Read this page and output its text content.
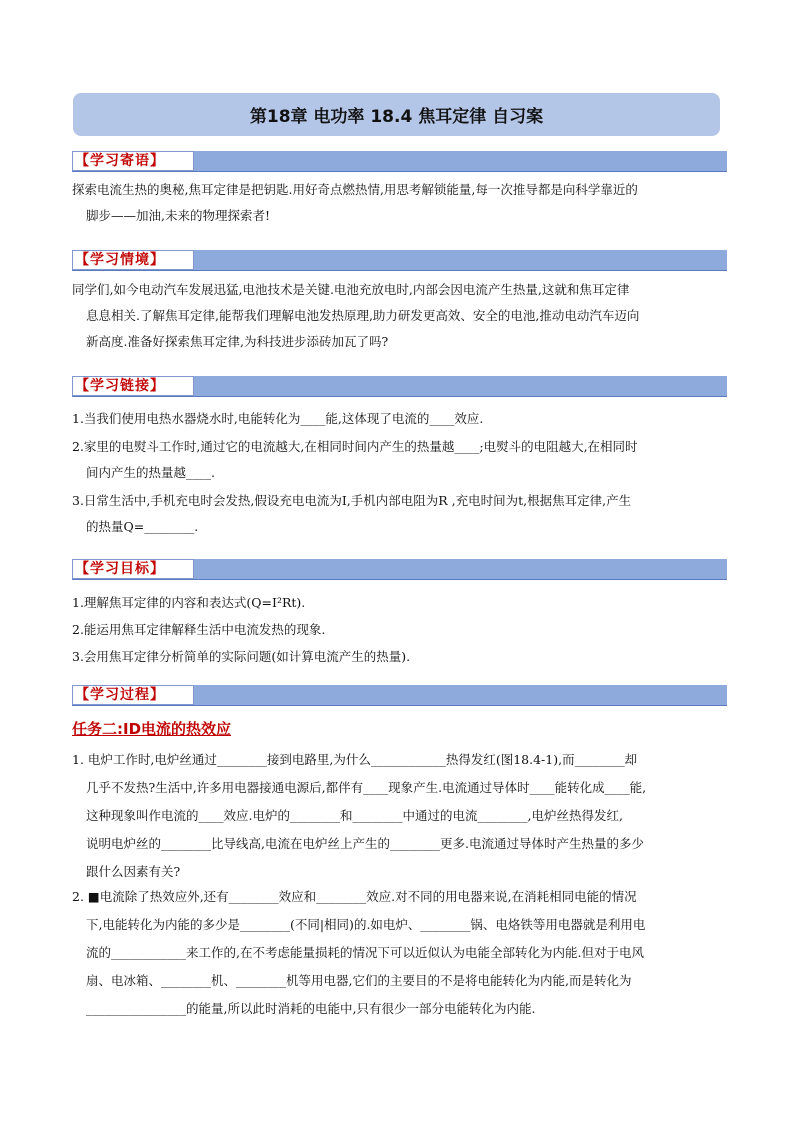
第18章 电功率 18.4 焦耳定律 自习案
【学习寄语】
探索电流生热的奥秘,焦耳定律是把钥匙.用好奇点燃热情,用思考解锁能量,每一次推导都是向科学靠近的
脚步——加油,未来的物理探索者!
【学习情境】
同学们,如今电动汽车发展迅猛,电池技术是关键.电池充放电时,内部会因电流产生热量,这就和焦耳定律
息息相关.了解焦耳定律,能帮我们理解电池发热原理,助力研发更高效、安全的电池,推动电动汽车迈向
新高度.准备好探索焦耳定律,为科技进步添砖加瓦了吗?
【学习链接】
1.当我们使用电热水器烧水时,电能转化为____能,这体现了电流的____效应.
2.家里的电熨斗工作时,通过它的电流越大,在相同时间内产生的热量越____;电熨斗的电阻越大,在相同时
间内产生的热量越____.
3.日常生活中,手机充电时会发热,假设充电电流为I,手机内部电阻为R ,充电时间为t,根据焦耳定律,产生
的热量Q=________.
【学习目标】
1.理解焦耳定律的内容和表达式(Q=I²Rt).
2.能运用焦耳定律解释生活中电流发热的现象.
3.会用焦耳定律分析简单的实际问题(如计算电流产生的热量).
【学习过程】
任务二:ID电流的热效应
1. 电炉工作时,电炉丝通过________接到电路里,为什么____________热得发红(图18.4-1),而________却
几乎不发热?生活中,许多用电器接通电源后,都伴有____现象产生.电流通过导体时____能转化成____能,
这种现象叫作电流的____效应.电炉的________和________中通过的电流________,电炉丝热得发红,
说明电炉丝的________比导线高,电流在电炉丝上产生的________更多.电流通过导体时产生热量的多少
跟什么因素有关?
2. ■电流除了热效应外,还有________效应和________效应.对不同的用电器来说,在消耗相同电能的情况
下,电能转化为内能的多少是________(不同|相同)的.如电炉、________锅、电烙铁等用电器就是利用电
流的____________来工作的,在不考虑能量损耗的情况下可以近似认为电能全部转化为内能.但对于电风
扇、电冰箱、________机、________机等用电器,它们的主要目的不是将电能转化为内能,而是转化为
________________的能量,所以此时消耗的电能中,只有很少一部分电能转化为内能.
